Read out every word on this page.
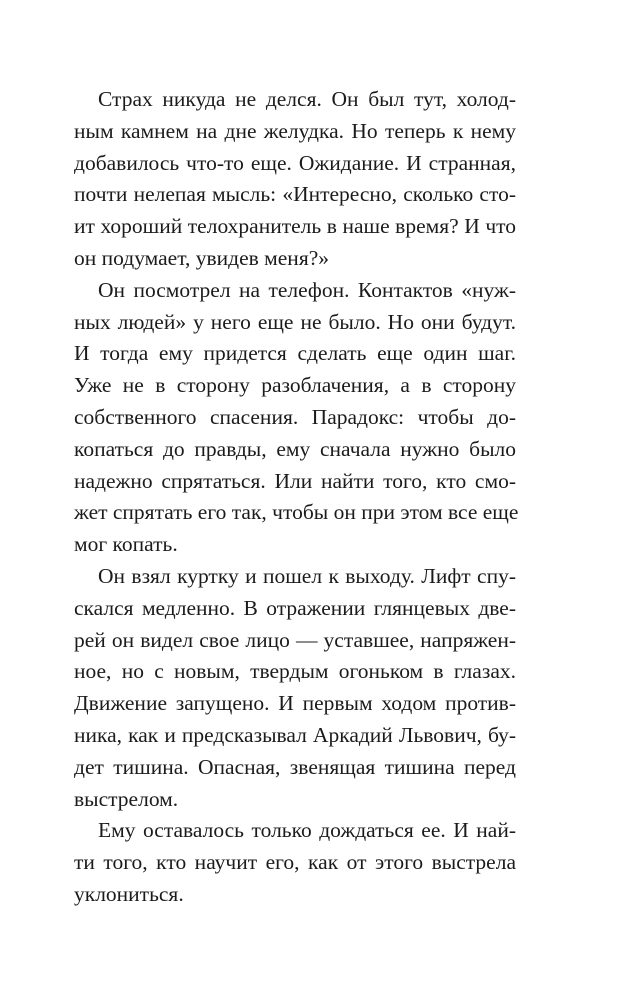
Страх никуда не делся. Он был тут, холод-
ным камнем на дне желудка. Но теперь к нему
добавилось что-то еще. Ожидание. И странная,
почти нелепая мысль: «Интересно, сколько сто-
ит хороший телохранитель в наше время? И что
он подумает, увидев меня?»
Он посмотрел на телефон. Контактов «нуж-
ных людей» у него еще не было. Но они будут.
И тогда ему придется сделать еще один шаг.
Уже не в сторону разоблачения, а в сторону
собственного спасения. Парадокс: чтобы до-
копаться до правды, ему сначала нужно было
надежно спрятаться. Или найти того, кто смо-
жет спрятать его так, чтобы он при этом все еще
мог копать.
Он взял куртку и пошел к выходу. Лифт спу-
скался медленно. В отражении глянцевых две-
рей он видел свое лицо — уставшее, напряжен-
ное, но с новым, твердым огоньком в глазах.
Движение запущено. И первым ходом против-
ника, как и предсказывал Аркадий Львович, бу-
дет тишина. Опасная, звенящая тишина перед
выстрелом.
Ему оставалось только дождаться ее. И най-
ти того, кто научит его, как от этого выстрела
уклониться.
